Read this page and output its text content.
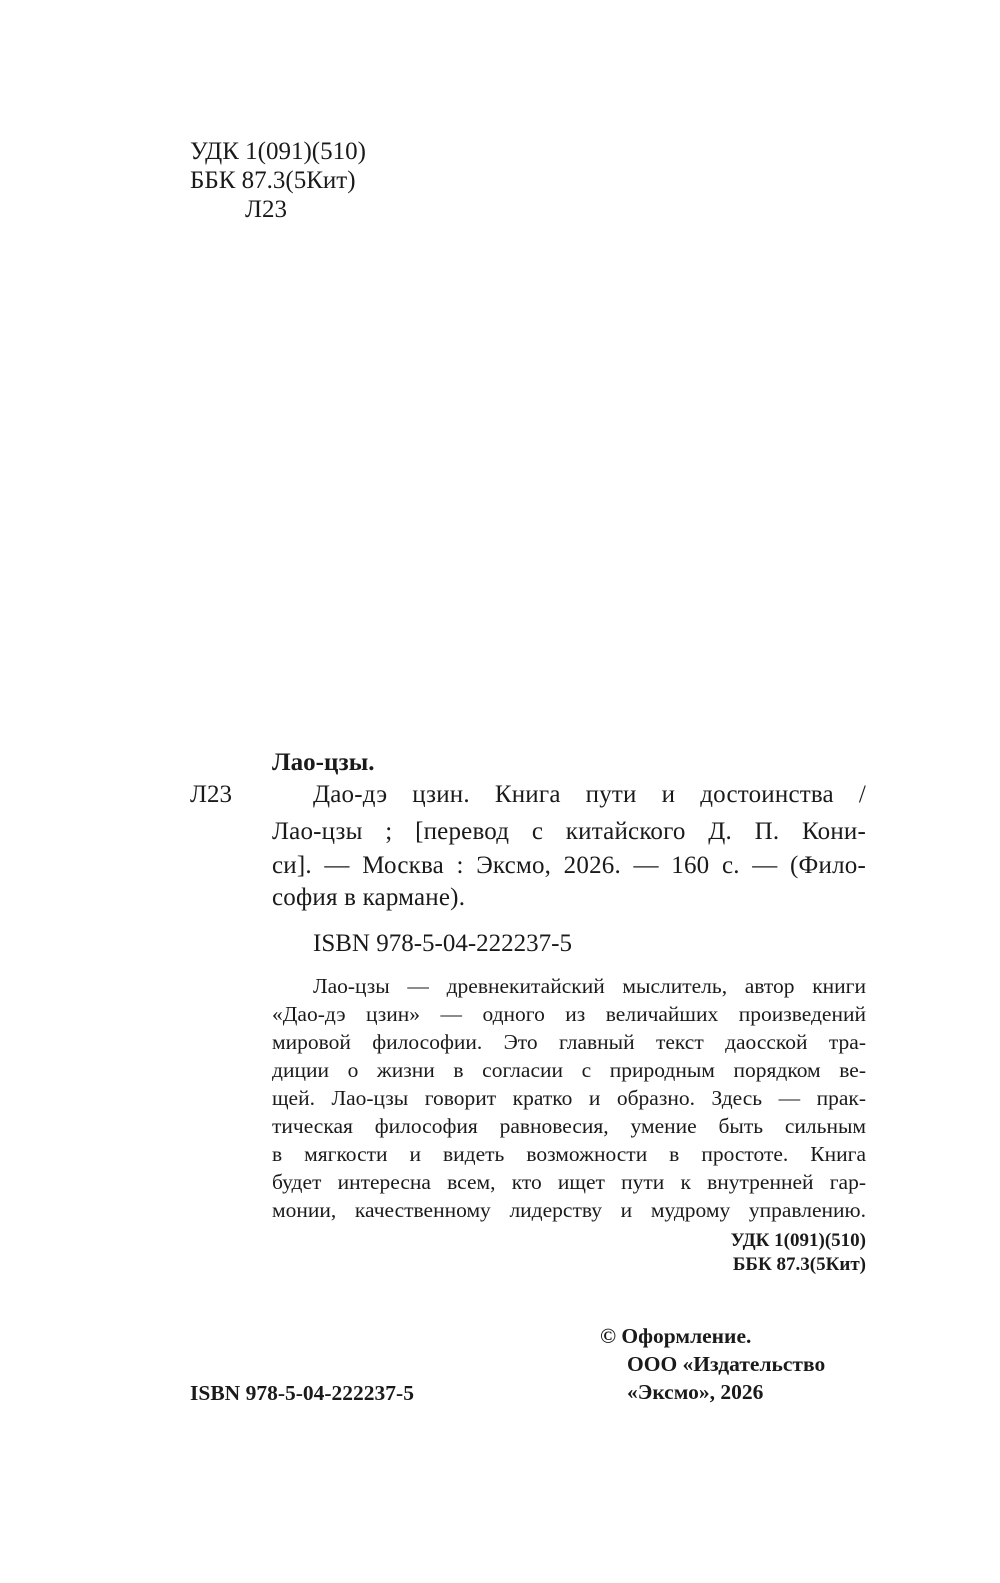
УДК 1(091)(510)
ББК 87.3(5Кит)
Л23
Лао-цзы.
Л23	Дао-дэ цзин. Книга пути и достоинства /
Лао-цзы ; [перевод с китайского Д. П. Кони-
си]. — Москва : Эксмо, 2026. — 160 с. — (Фило-
софия в кармане).
ISBN 978-5-04-222237-5
Лао-цзы — древнекитайский мыслитель, автор книги
«Дао-дэ цзин» — одного из величайших произведений
мировой философии. Это главный текст даосской тра-
диции о жизни в согласии с природным порядком ве-
щей. Лао-цзы говорит кратко и образно. Здесь — прак-
тическая философия равновесия, умение быть сильным
в мягкости и видеть возможности в простоте. Книга
будет интересна всем, кто ищет пути к внутренней гар-
монии, качественному лидерству и мудрому управлению.
УДК 1(091)(510)
ББК 87.3(5Кит)
© Оформление.
ООО «Издательство
«Эксмо», 2026
ISBN 978-5-04-222237-5
